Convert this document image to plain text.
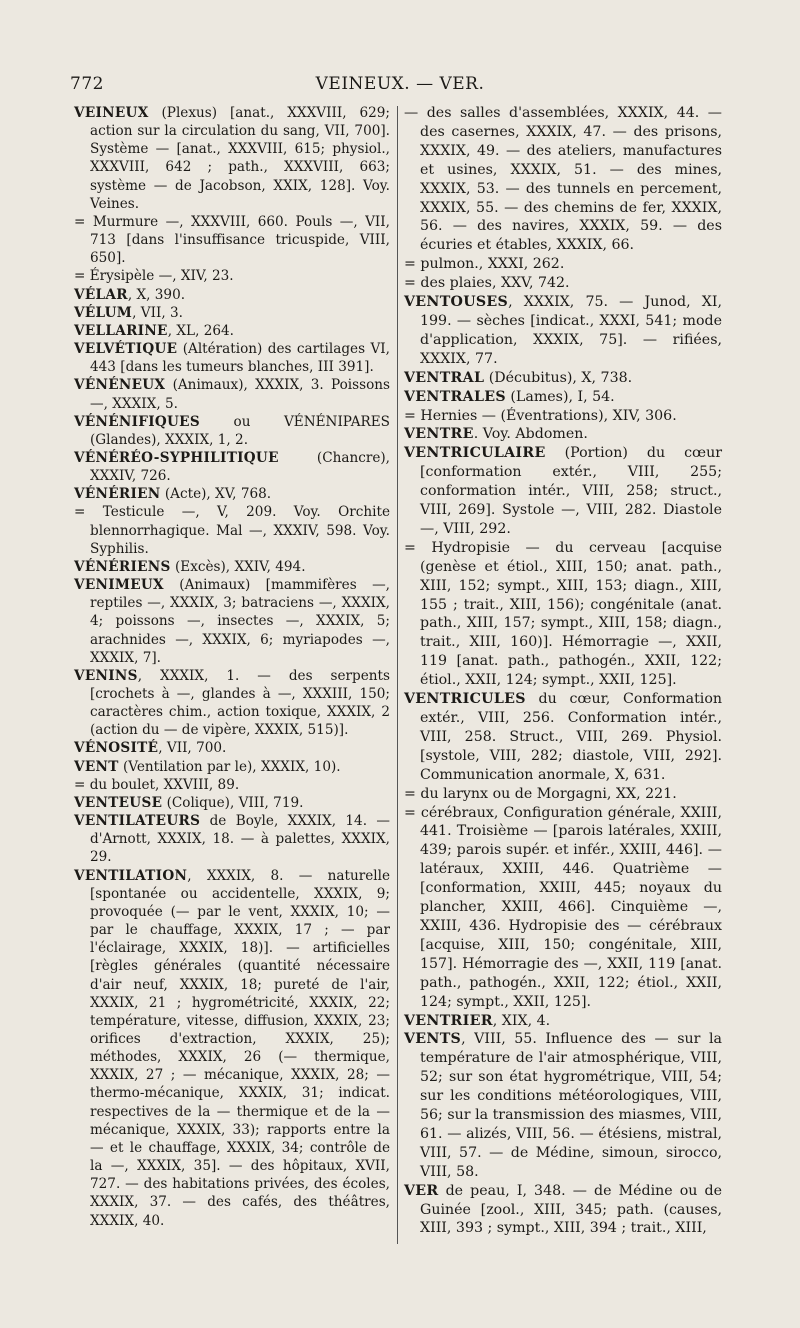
772	VEINEUX. — VER.

VEINEUX (Plexus) [anat., XXXVIII, 629; action sur la circulation du sang, VII, 700]. Système — [anat., XXXVIII, 615; physiol., XXXVIII, 642 ; path., XXXVIII, 663; système — de Jacobson, XXIX, 128]. Voy. Veines.

= Murmure —, XXXVIII, 660. Pouls —, VII, 713 [dans l'insuffisance tricuspide, VIII, 650].

= Érysipèle —, XIV, 23.

VÉLAR, X, 390.

VÉLUM, VII, 3.

VELLARINE, XL, 264.

VELVÉTIQUE (Altération) des cartilages VI, 443 [dans les tumeurs blanches, III 391].

VÉNÉNEUX (Animaux), XXXIX, 3. Poissons —, XXXIX, 5.

VÉNÉNIFIQUES ou VÉNÉNIPARES (Glandes), XXXIX, 1, 2.

VÉNÉRÉO-SYPHILITIQUE (Chancre), XXXIV, 726.

VÉNÉRIEN (Acte), XV, 768.

= Testicule —, V, 209. Voy. Orchite blennorrhagique. Mal —, XXXIV, 598. Voy. Syphilis.

VÉNÉRIENS (Excès), XXIV, 494.

VENIMEUX (Animaux) [mammifères —, reptiles —, XXXIX, 3; batraciens —, XXXIX, 4; poissons —, insectes —, XXXIX, 5; arachnides —, XXXIX, 6; myriapodes —, XXXIX, 7].

VENINS, XXXIX, 1. — des serpents [crochets à —, glandes à —, XXXIII, 150; caractères chim., action toxique, XXXIX, 2 (action du — de vipère, XXXIX, 515)].

VÉNOSITÉ, VII, 700.

VENT (Ventilation par le), XXXIX, 10).

= du boulet, XXVIII, 89.

VENTEUSE (Colique), VIII, 719.

VENTILATEURS de Boyle, XXXIX, 14. — d'Arnott, XXXIX, 18. — à palettes, XXXIX, 29.

VENTILATION, XXXIX, 8. — naturelle [spontanée ou accidentelle, XXXIX, 9; provoquée (— par le vent, XXXIX, 10; — par le chauffage, XXXIX, 17 ; — par l'éclairage, XXXIX, 18)]. — artificielles [règles générales (quantité nécessaire d'air neuf, XXXIX, 18; pureté de l'air, XXXIX, 21 ; hygrométricité, XXXIX, 22; température, vitesse, diffusion, XXXIX, 23; orifices d'extraction, XXXIX, 25); méthodes, XXXIX, 26 (— thermique, XXXIX, 27 ; — mécanique, XXXIX, 28; — thermo-mécanique, XXXIX, 31; indicat. respectives de la — thermique et de la — mécanique, XXXIX, 33); rapports entre la — et le chauffage, XXXIX, 34; contrôle de la —, XXXIX, 35]. — des hôpitaux, XVII, 727. — des habitations privées, des écoles, XXXIX, 37. — des cafés, des théâtres, XXXIX, 40.

— des salles d'assemblées, XXXIX, 44. — des casernes, XXXIX, 47. — des prisons, XXXIX, 49. — des ateliers, manufactures et usines, XXXIX, 51. — des mines, XXXIX, 53. — des tunnels en percement, XXXIX, 55. — des chemins de fer, XXXIX, 56. — des navires, XXXIX, 59. — des écuries et étables, XXXIX, 66.

= pulmon., XXXI, 262.

= des plaies, XXV, 742.

VENTOUSES, XXXIX, 75. — Junod, XI, 199. — sèches [indicat., XXXI, 541; mode d'application, XXXIX, 75]. — rifiées, XXXIX, 77.

VENTRAL (Décubitus), X, 738.

VENTRALES (Lames), I, 54.

= Hernies — (Éventrations), XIV, 306.

VENTRE. Voy. Abdomen.

VENTRICULAIRE (Portion) du cœur [conformation extér., VIII, 255; conformation intér., VIII, 258; struct., VIII, 269]. Systole —, VIII, 282. Diastole —, VIII, 292.

= Hydropisie — du cerveau [acquise (genèse et étiol., XIII, 150; anat. path., XIII, 152; sympt., XIII, 153; diagn., XIII, 155 ; trait., XIII, 156); congénitale (anat. path., XIII, 157; sympt., XIII, 158; diagn., trait., XIII, 160)]. Hémorragie —, XXII, 119 [anat. path., pathogén., XXII, 122; étiol., XXII, 124; sympt., XXII, 125].

VENTRICULES du cœur, Conformation extér., VIII, 256. Conformation intér., VIII, 258. Struct., VIII, 269. Physiol. [systole, VIII, 282; diastole, VIII, 292]. Communication anormale, X, 631.

= du larynx ou de Morgagni, XX, 221.

= cérébraux, Configuration générale, XXIII, 441. Troisième — [parois latérales, XXIII, 439; parois supér. et infér., XXIII, 446]. — latéraux, XXIII, 446. Quatrième — [conformation, XXIII, 445; noyaux du plancher, XXIII, 466]. Cinquième —, XXIII, 436. Hydropisie des — cérébraux [acquise, XIII, 150; congénitale, XIII, 157]. Hémorragie des —, XXII, 119 [anat. path., pathogén., XXII, 122; étiol., XXII, 124; sympt., XXII, 125].

VENTRIER, XIX, 4.

VENTS, VIII, 55. Influence des — sur la température de l'air atmosphérique, VIII, 52; sur son état hygrométrique, VIII, 54; sur les conditions météorologiques, VIII, 56; sur la transmission des miasmes, VIII, 61. — alizés, VIII, 56. — étésiens, mistral, VIII, 57. — de Médine, simoun, sirocco, VIII, 58.

VER de peau, I, 348. — de Médine ou de Guinée [zool., XIII, 345; path. (causes, XIII, 393 ; sympt., XIII, 394 ; trait., XIII,
